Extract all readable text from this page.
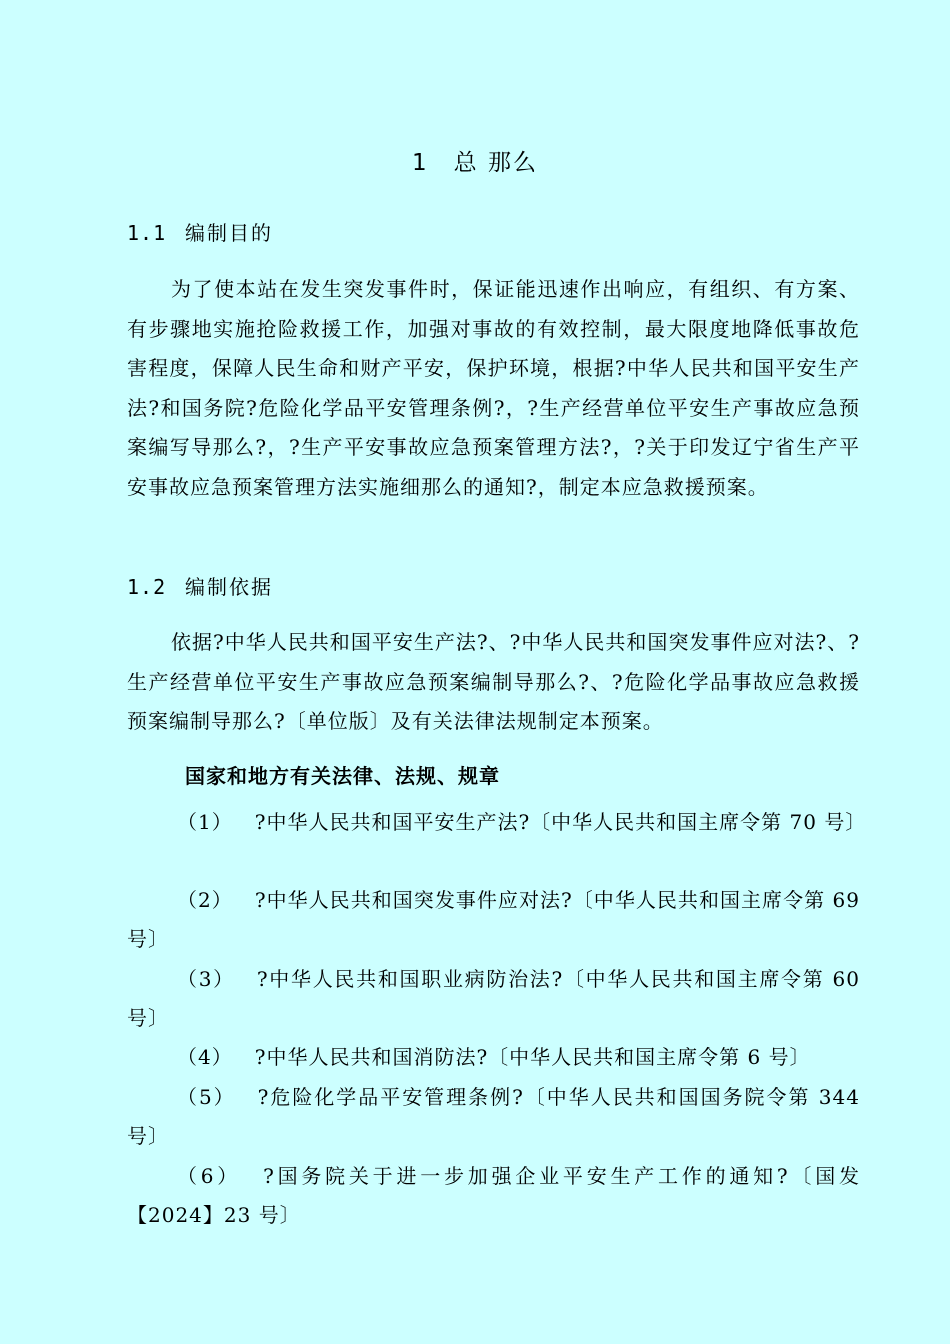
1　总 那么
1.1 编制目的
为了使本站在发生突发事件时，保证能迅速作出响应，有组织、有方案、有步骤地实施抢险救援工作，加强对事故的有效控制，最大限度地降低事故危害程度，保障人民生命和财产平安，保护环境，根据?中华人民共和国平安生产法?和国务院?危险化学品平安管理条例?，?生产经营单位平安生产事故应急预案编写导那么?，?生产平安事故应急预案管理方法?，?关于印发辽宁省生产平安事故应急预案管理方法实施细那么的通知?，制定本应急救援预案。
1.2 编制依据
依据?中华人民共和国平安生产法?、?中华人民共和国突发事件应对法?、?生产经营单位平安生产事故应急预案编制导那么?、?危险化学品事故应急救援预案编制导那么?〔单位版〕及有关法律法规制定本预案。
国家和地方有关法律、法规、规章
（1） ?中华人民共和国平安生产法?〔中华人民共和国主席令第 70 号〕
（2） ?中华人民共和国突发事件应对法?〔中华人民共和国主席令第 69 号〕
（3） ?中华人民共和国职业病防治法?〔中华人民共和国主席令第 60 号〕
（4） ?中华人民共和国消防法?〔中华人民共和国主席令第 6 号〕
（5） ?危险化学品平安管理条例?〔中华人民共和国国务院令第 344 号〕
（6） ?国务院关于进一步加强企业平安生产工作的通知?〔国发【2024】23 号〕
